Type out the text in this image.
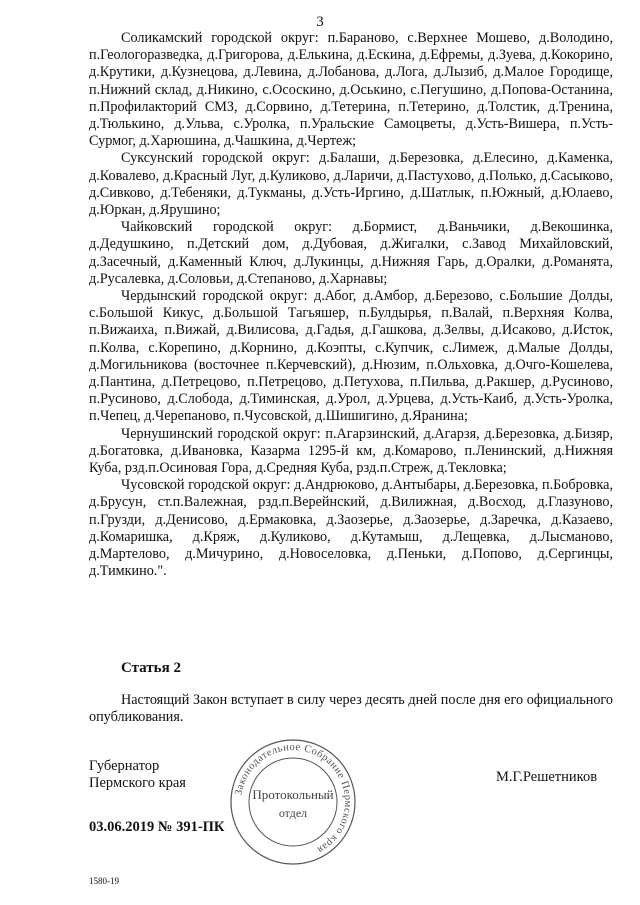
3

Соликамский городской округ: п.Бараново, с.Верхнее Мошево, д.Володино, п.Геологоразведка, д.Григорова, д.Елькина, д.Ескина, д.Ефремы, д.Зуева, д.Кокорино, д.Крутики, д.Кузнецова, д.Левина, д.Лобанова, д.Лога, д.Лызиб, д.Малое Городище, п.Нижний склад, д.Никино, с.Ососкино, д.Оськино, с.Пегушино, д.Попова-Останина, п.Профилакторий СМЗ, д.Сорвино, д.Тетерина, п.Тетерино, д.Толстик, д.Тренина, д.Тюлькино, д.Ульва, с.Уролка, п.Уральские Самоцветы, д.Усть-Вишера, п.Усть-Сурмог, д.Харюшина, д.Чашкина, д.Чертеж;

Суксунский городской округ: д.Балаши, д.Березовка, д.Елесино, д.Каменка, д.Ковалево, д.Красный Луг, д.Куликово, д.Ларичи, д.Пастухово, д.Полько, д.Сасыково, д.Сивково, д.Тебеняки, д.Тукманы, д.Усть-Иргино, д.Шатлык, п.Южный, д.Юлаево, д.Юркан, д.Ярушино;

Чайковский городской округ: д.Бормист, д.Ваньчики, д.Векошинка, д.Дедушкино, п.Детский дом, д.Дубовая, д.Жигалки, с.Завод Михайловский, д.Засечный, д.Каменный Ключ, д.Лукинцы, д.Нижняя Гарь, д.Оралки, д.Романята, д.Русалевка, д.Соловьи, д.Степаново, д.Харнавы;

Чердынский городской округ: д.Абог, д.Амбор, д.Березово, с.Большие Долды, с.Большой Кикус, д.Большой Тагьяшер, п.Булдырья, п.Валай, п.Верхняя Колва, п.Вижаиха, п.Вижай, д.Вилисова, д.Гадья, д.Гашкова, д.Зелвы, д.Исаково, д.Исток, п.Колва, с.Корепино, д.Корнино, д.Коэпты, с.Купчик, с.Лимеж, д.Малые Долды, д.Могильникова (восточнее п.Керчевский), д.Нюзим, п.Ольховка, д.Очго-Кошелева, д.Пантина, д.Петрецово, п.Петрецово, д.Петухова, п.Пильва, д.Ракшер, д.Русиново, п.Русиново, д.Слобода, д.Тиминская, д.Урол, д.Урцева, д.Усть-Каиб, д.Усть-Уролка, п.Чепец, д.Черепаново, п.Чусовской, д.Шишигино, д.Яранина;

Чернушинский городской округ: п.Агарзинский, д.Агарзя, д.Березовка, д.Бизяр, д.Богатовка, д.Ивановка, Казарма 1295-й км, д.Комарово, п.Ленинский, д.Нижняя Куба, рзд.п.Осиновая Гора, д.Средняя Куба, рзд.п.Стреж, д.Текловка;

Чусовской городской округ: д.Андрюково, д.Антыбары, д.Березовка, п.Бобровка, д.Брусун, ст.п.Валежная, рзд.п.Верейнский, д.Вилижная, д.Восход, д.Глазуново, п.Грузди, д.Денисово, д.Ермаковка, д.Заозерье, д.Заозерье, д.Заречка, д.Казаево, д.Комаришка, д.Кряж, д.Куликово, д.Кутамыш, д.Лещевка, д.Лысманово, д.Мартелово, д.Мичурино, д.Новоселовка, д.Пеньки, д.Попово, д.Сергинцы, д.Тимкино.".

Статья 2
Настоящий Закон вступает в силу через десять дней после дня его официального опубликования.
Губернатор
Пермского края	М.Г.Решетников
Законодательное Собрание Пермского края
Протокольный
отдел
03.06.2019 № 391-ПК
1580-19
